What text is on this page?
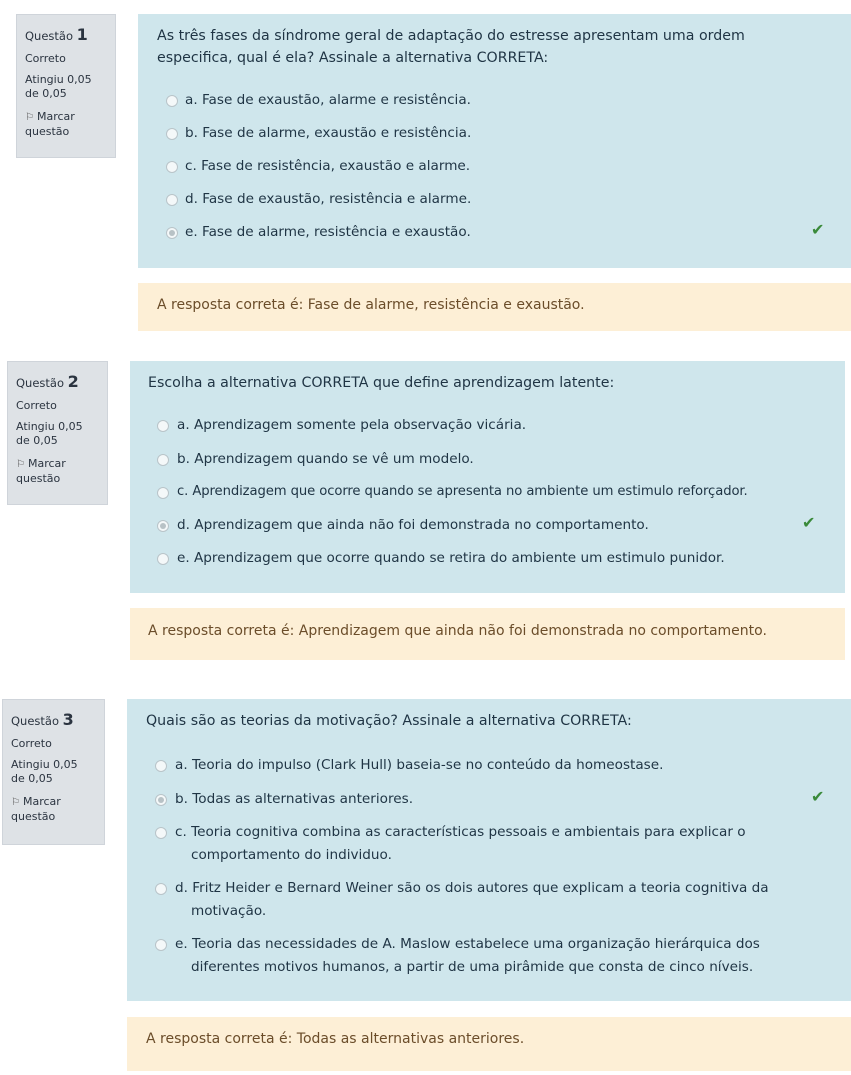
Questão 1
Correto
Atingiu 0,05 de 0,05
⚐ Marcar questão
As três fases da síndrome geral de adaptação do estresse apresentam uma ordem especifica, qual é ela? Assinale a alternativa CORRETA:
a. Fase de exaustão, alarme e resistência.
b. Fase de alarme, exaustão e resistência.
c. Fase de resistência, exaustão e alarme.
d. Fase de exaustão, resistência e alarme.
e. Fase de alarme, resistência e exaustão.	✔
A resposta correta é: Fase de alarme, resistência e exaustão.
Questão 2
Correto
Atingiu 0,05 de 0,05
⚐ Marcar questão
Escolha a alternativa CORRETA que define aprendizagem latente:
a. Aprendizagem somente pela observação vicária.
b. Aprendizagem quando se vê um modelo.
c. Aprendizagem que ocorre quando se apresenta no ambiente um estimulo reforçador.
d. Aprendizagem que ainda não foi demonstrada no comportamento.
e. Aprendizagem que ocorre quando se retira do ambiente um estimulo punidor.
✔
A resposta correta é: Aprendizagem que ainda não foi demonstrada no comportamento.
Questão 3
Correto
Atingiu 0,05 de 0,05
⚐ Marcar questão
Quais são as teorias da motivação? Assinale a alternativa CORRETA:
a. Teoria do impulso (Clark Hull) baseia-se no conteúdo da homeostase.
b. Todas as alternativas anteriores.
c. Teoria cognitiva combina as características pessoais e ambientais para explicar o comportamento do individuo.
d. Fritz Heider e Bernard Weiner são os dois autores que explicam a teoria cognitiva da motivação.
e. Teoria das necessidades de A. Maslow estabelece uma organização hierárquica dos diferentes motivos humanos, a partir de uma pirâmide que consta de cinco níveis.
✔
A resposta correta é: Todas as alternativas anteriores.
